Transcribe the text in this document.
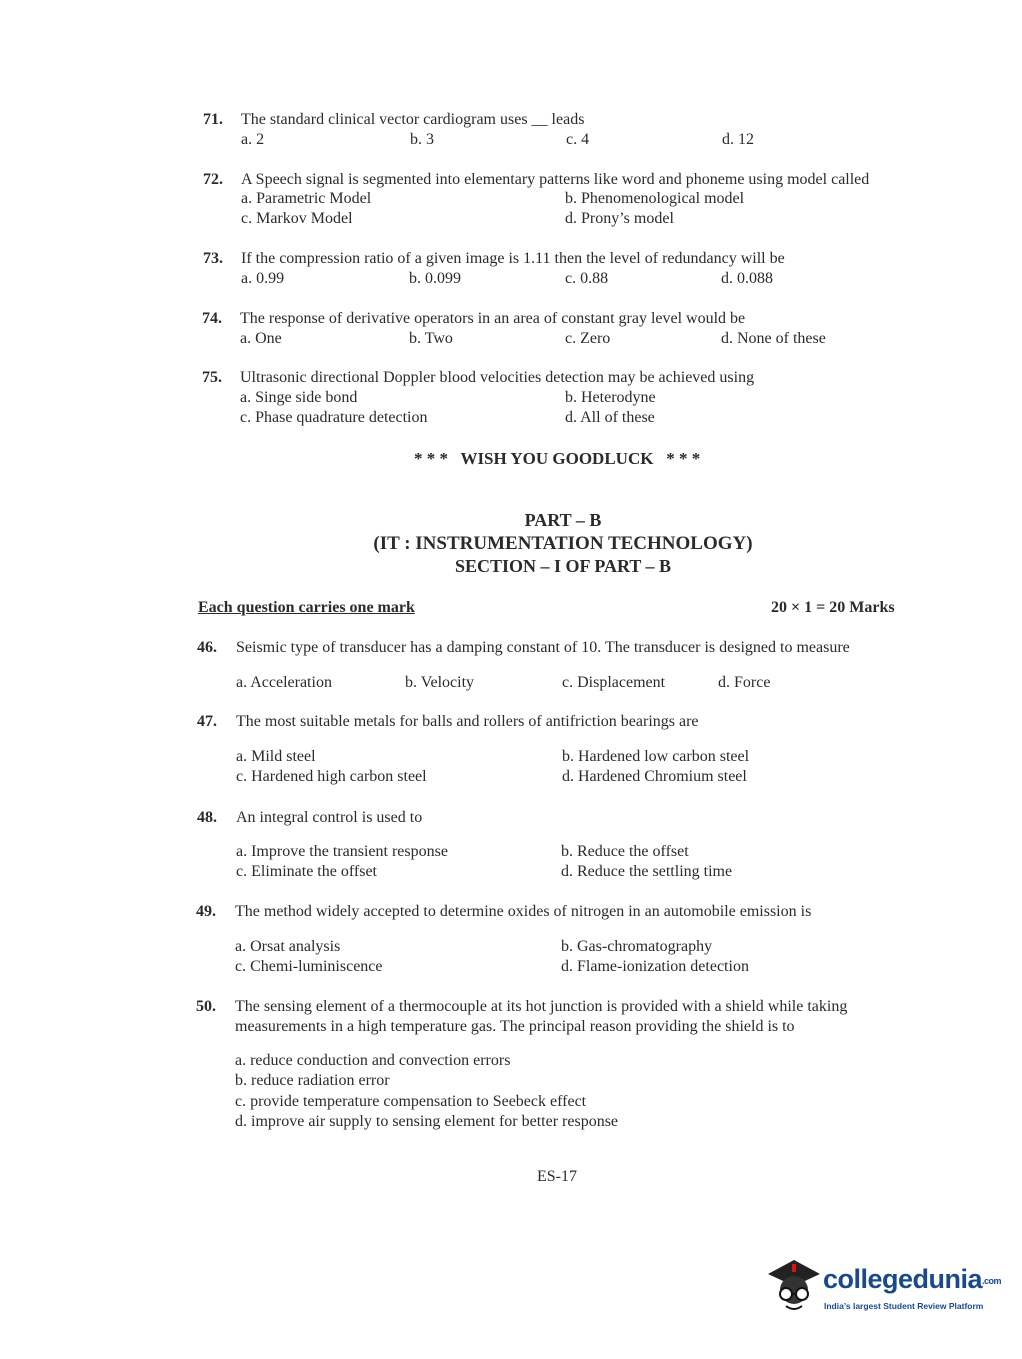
71. The standard clinical vector cardiogram uses __ leads
a. 2	b. 3	c. 4	d. 12
72. A Speech signal is segmented into elementary patterns like word and phoneme using model called
a. Parametric Model	b. Phenomenological model
c. Markov Model	d. Prony’s model
73. If the compression ratio of a given image is 1.11 then the level of redundancy will be
a. 0.99	b. 0.099	c. 0.88	d. 0.088
74. The response of derivative operators in an area of constant gray level would be
a. One	b. Two	c. Zero	d. None of these
75. Ultrasonic directional Doppler blood velocities detection may be achieved using
a. Singe side bond	b. Heterodyne
c. Phase quadrature detection	d. All of these
* * *   WISH YOU GOODLUCK   * * *
PART – B
(IT : INSTRUMENTATION TECHNOLOGY)
SECTION – I OF PART – B
Each question carries one mark	20 × 1 = 20 Marks
46. Seismic type of transducer has a damping constant of 10. The transducer is designed to measure
a. Acceleration	b. Velocity	c. Displacement	d. Force
47. The most suitable metals for balls and rollers of antifriction bearings are
a. Mild steel	b. Hardened low carbon steel
c. Hardened high carbon steel	d. Hardened Chromium steel
48. An integral control is used to
a. Improve the transient response	b. Reduce the offset
c. Eliminate the offset	d. Reduce the settling time
49. The method widely accepted to determine oxides of nitrogen in an automobile emission is
a. Orsat analysis	b. Gas-chromatography
c. Chemi-luminiscence	d. Flame-ionization detection
50. The sensing element of a thermocouple at its hot junction is provided with a shield while taking
measurements in a high temperature gas. The principal reason providing the shield is to
a. reduce conduction and convection errors
b. reduce radiation error
c. provide temperature compensation to Seebeck effect
d. improve air supply to sensing element for better response
ES-17
collegedunia.com
India’s largest Student Review Platform
